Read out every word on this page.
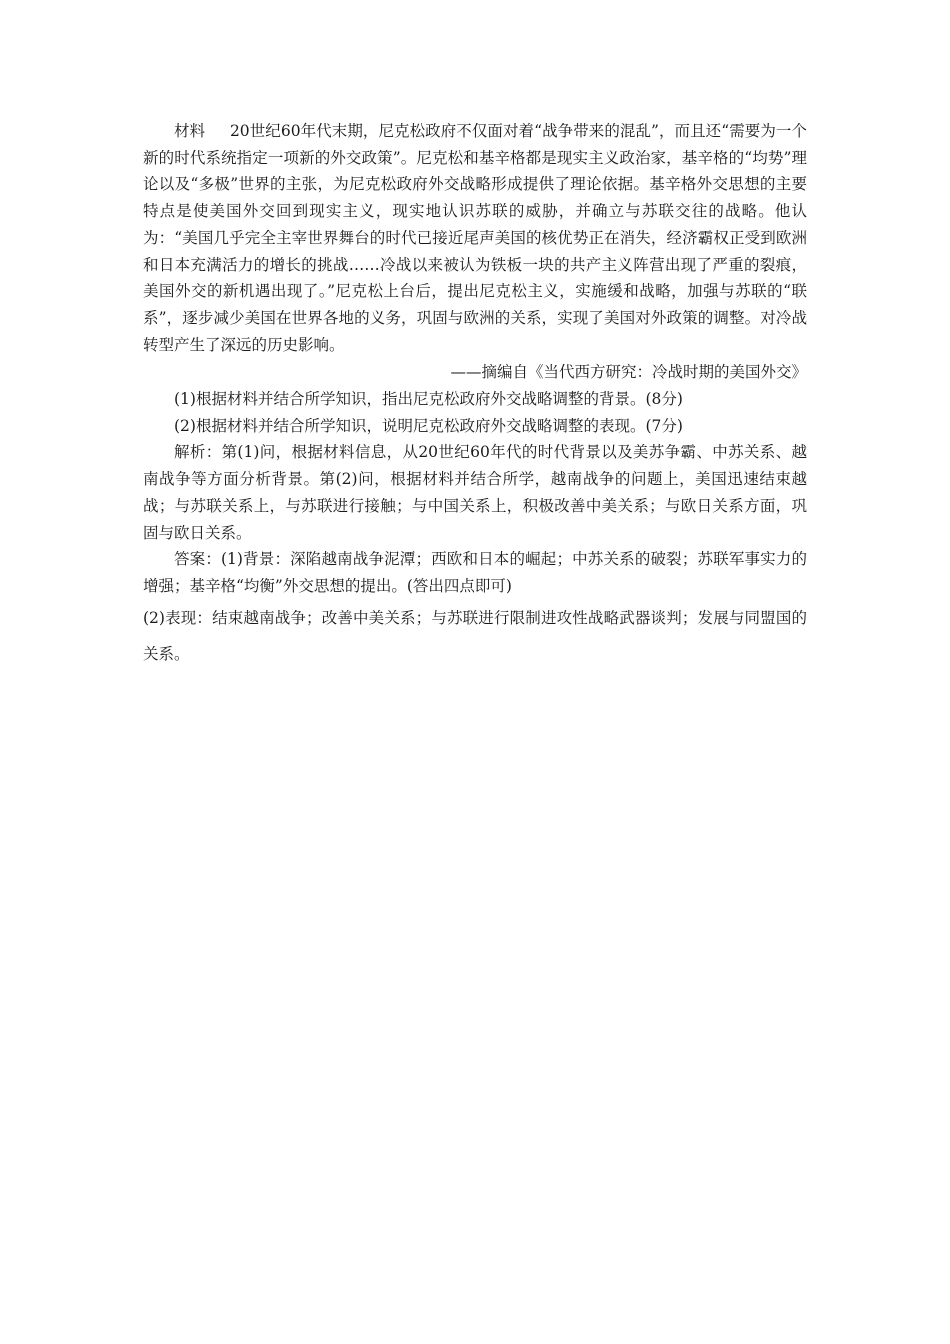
材料 20世纪60年代末期，尼克松政府不仅面对着“战争带来的混乱”，而且还“需要为一个新的时代系统指定一项新的外交政策”。尼克松和基辛格都是现实主义政治家，基辛格的“均势”理论以及“多极”世界的主张，为尼克松政府外交战略形成提供了理论依据。基辛格外交思想的主要特点是使美国外交回到现实主义，现实地认识苏联的威胁，并确立与苏联交往的战略。他认为：“美国几乎完全主宰世界舞台的时代已接近尾声美国的核优势正在消失，经济霸权正受到欧洲和日本充满活力的增长的挑战……冷战以来被认为铁板一块的共产主义阵营出现了严重的裂痕，美国外交的新机遇出现了。”尼克松上台后，提出尼克松主义，实施缓和战略，加强与苏联的“联系”，逐步减少美国在世界各地的义务，巩固与欧洲的关系，实现了美国对外政策的调整。对冷战转型产生了深远的历史影响。

——摘编自《当代西方研究：冷战时期的美国外交》

(1)根据材料并结合所学知识，指出尼克松政府外交战略调整的背景。(8分)

(2)根据材料并结合所学知识，说明尼克松政府外交战略调整的表现。(7分)

解析：第(1)问，根据材料信息，从20世纪60年代的时代背景以及美苏争霸、中苏关系、越南战争等方面分析背景。第(2)问，根据材料并结合所学，越南战争的问题上，美国迅速结束越战；与苏联关系上，与苏联进行接触；与中国关系上，积极改善中美关系；与欧日关系方面，巩固与欧日关系。

答案：(1)背景：深陷越南战争泥潭；西欧和日本的崛起；中苏关系的破裂；苏联军事实力的增强；基辛格“均衡”外交思想的提出。(答出四点即可)

(2)表现：结束越南战争；改善中美关系；与苏联进行限制进攻性战略武器谈判；发展与同盟国的关系。
